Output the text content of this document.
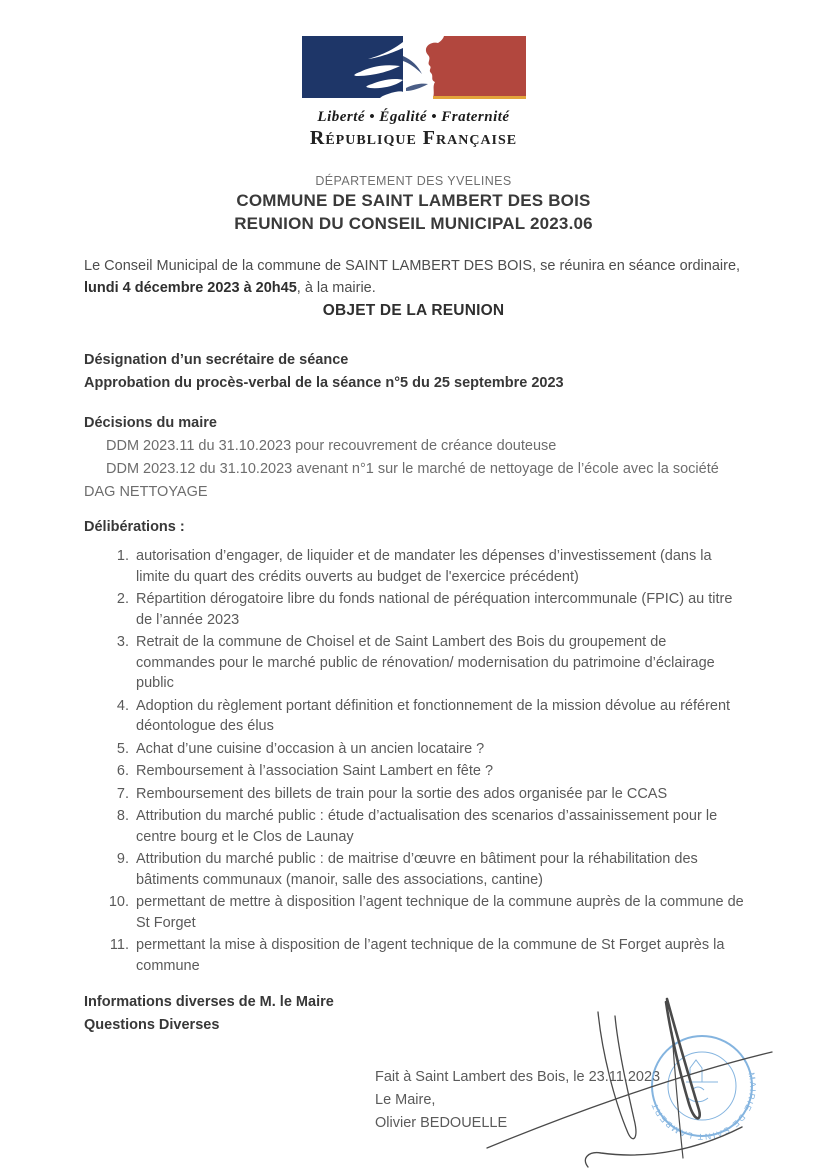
Liberté • Égalité • Fraternité
République Française
DÉPARTEMENT DES YVELINES
COMMUNE DE SAINT LAMBERT DES BOIS
REUNION DU CONSEIL MUNICIPAL 2023.06

Le Conseil Municipal de la commune de SAINT LAMBERT DES BOIS, se réunira en séance ordinaire, lundi 4 décembre 2023 à 20h45, à la mairie.

OBJET DE LA REUNION
Désignation d’un secrétaire de séance
Approbation du procès-verbal de la séance n°5 du 25 septembre 2023
Décisions du maire
DDM 2023.11 du 31.10.2023 pour recouvrement de créance douteuse
DDM 2023.12 du 31.10.2023 avenant n°1 sur le marché de nettoyage de l’école avec la société DAG NETTOYAGE
Délibérations :
1. autorisation d’engager, de liquider et de mandater les dépenses d’investissement (dans la limite du quart des crédits ouverts au budget de l'exercice précédent)
2. Répartition dérogatoire libre du fonds national de péréquation intercommunale (FPIC) au titre de l’année 2023
3. Retrait de la commune de Choisel et de Saint Lambert des Bois du groupement de commandes pour le marché public de rénovation/ modernisation du patrimoine d’éclairage public
4. Adoption du règlement portant définition et fonctionnement de la mission dévolue au référent déontologue des élus
5. Achat d’une cuisine d’occasion à un ancien locataire ?
6. Remboursement à l’association Saint Lambert en fête ?
7. Remboursement des billets de train pour la sortie des ados organisée par le CCAS
8. Attribution du marché public : étude d’actualisation des scenarios d’assainissement pour le centre bourg et le Clos de Launay
9. Attribution du marché public : de maitrise d’œuvre en bâtiment pour la réhabilitation des bâtiments communaux (manoir, salle des associations, cantine)
10. permettant de mettre à disposition l’agent technique de la commune auprès de la commune de St Forget
11. permettant la mise à disposition de l’agent technique de la commune de St Forget auprès la commune
Informations diverses de M. le Maire
Questions Diverses
Fait à Saint Lambert des Bois, le 23.11.2023
Le Maire,
Olivier BEDOUELLE
MAIRIE DE SAINT LAMBERT
